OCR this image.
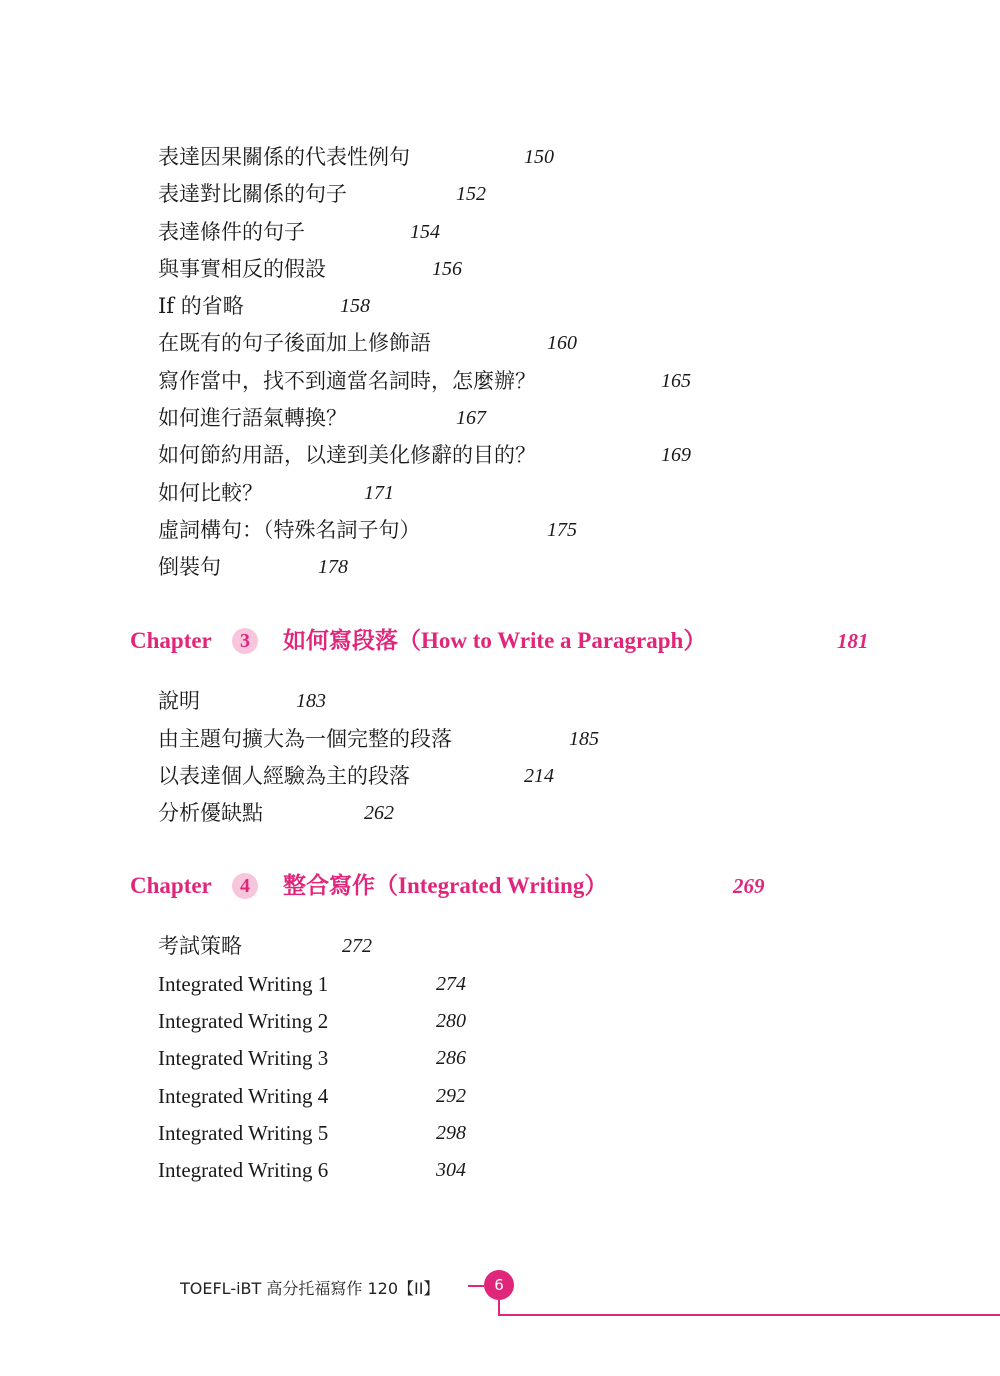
表達因果關係的代表性例句	150
表達對比關係的句子	152
表達條件的句子	154
與事實相反的假設	156
If 的省略	158
在既有的句子後面加上修飾語	160
寫作當中，找不到適當名詞時，怎麼辦？	165
如何進行語氣轉換？	167
如何節約用語，以達到美化修辭的目的？	169
如何比較？	171
虛詞構句：（特殊名詞子句）	175
倒裝句	178
Chapter	3	如何寫段落（How to Write a Paragraph）	181
說明	183
由主題句擴大為一個完整的段落	185
以表達個人經驗為主的段落	214
分析優缺點	262
Chapter	4	整合寫作（Integrated Writing）	269
考試策略	272
Integrated Writing 1	274
Integrated Writing 2	280
Integrated Writing 3	286
Integrated Writing 4	292
Integrated Writing 5	298
Integrated Writing 6	304
TOEFL-iBT 高分托福寫作 120【II】	6
